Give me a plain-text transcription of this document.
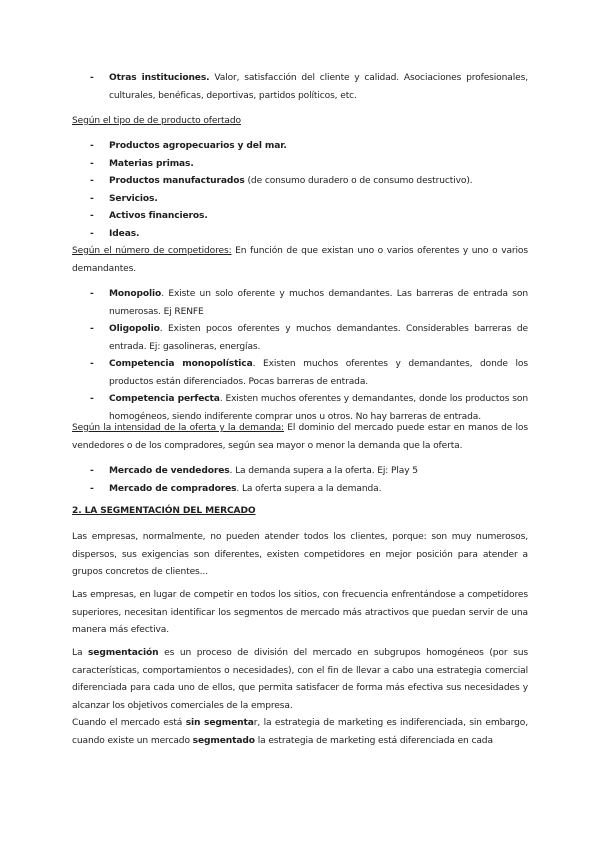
- Otras instituciones. Valor, satisfacción del cliente y calidad. Asociaciones profesionales, culturales, benéficas, deportivas, partidos políticos, etc.
Según el tipo de de producto ofertado
- Productos agropecuarios y del mar.
- Materias primas.
- Productos manufacturados (de consumo duradero o de consumo destructivo).
- Servicios.
- Activos financieros.
- Ideas.
Según el número de competidores: En función de que existan uno o varios oferentes y uno o varios demandantes.
- Monopolio. Existe un solo oferente y muchos demandantes. Las barreras de entrada son numerosas. Ej RENFE
- Oligopolio. Existen pocos oferentes y muchos demandantes. Considerables barreras de entrada. Ej: gasolineras, energías.
- Competencia monopolística. Existen muchos oferentes y demandantes, donde los productos están diferenciados. Pocas barreras de entrada.
- Competencia perfecta. Existen muchos oferentes y demandantes, donde los productos son homogéneos, siendo indiferente comprar unos u otros. No hay barreras de entrada.
Según la intensidad de la oferta y la demanda: El dominio del mercado puede estar en manos de los vendedores o de los compradores, según sea mayor o menor la demanda que la oferta.
- Mercado de vendedores. La demanda supera a la oferta. Ej: Play 5
- Mercado de compradores. La oferta supera a la demanda.
2. LA SEGMENTACIÓN DEL MERCADO
Las empresas, normalmente, no pueden atender todos los clientes, porque: son muy numerosos, dispersos, sus exigencias son diferentes, existen competidores en mejor posición para atender a grupos concretos de clientes...
Las empresas, en lugar de competir en todos los sitios, con frecuencia enfrentándose a competidores superiores, necesitan identificar los segmentos de mercado más atractivos que puedan servir de una manera más efectiva.
La segmentación es un proceso de división del mercado en subgrupos homogéneos (por sus características, comportamientos o necesidades), con el fin de llevar a cabo una estrategia comercial diferenciada para cada uno de ellos, que permita satisfacer de forma más efectiva sus necesidades y alcanzar los objetivos comerciales de la empresa.
Cuando el mercado está sin segmentar, la estrategia de marketing es indiferenciada, sin embargo, cuando existe un mercado segmentado la estrategia de marketing está diferenciada en cada
